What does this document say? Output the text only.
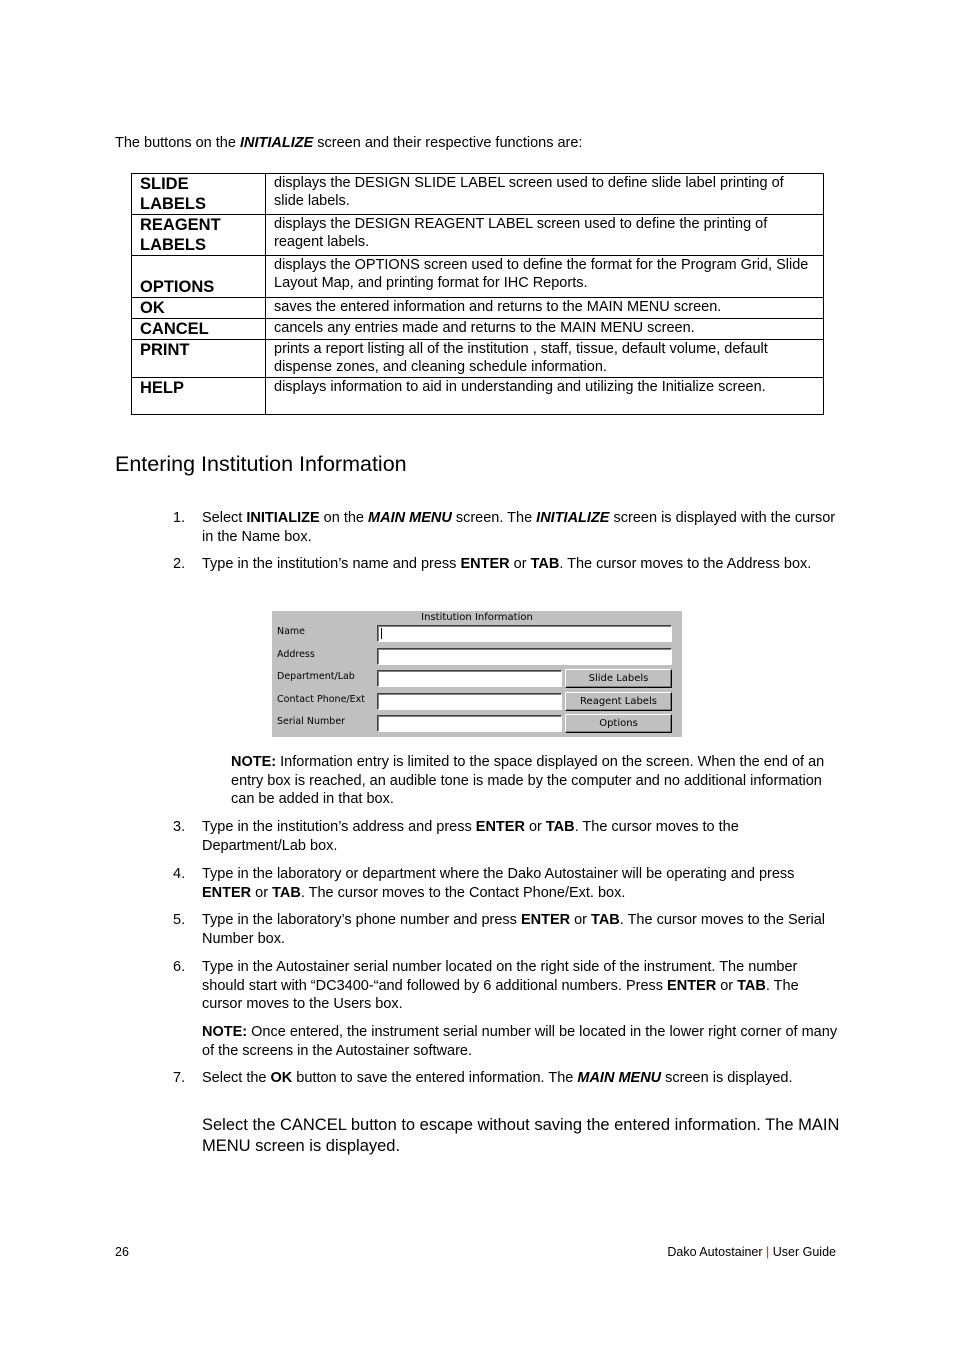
The buttons on the INITIALIZE screen and their respective functions are:
SLIDE LABELS	displays the DESIGN SLIDE LABEL screen used to define slide label printing of slide labels.
REAGENT LABELS	displays the DESIGN REAGENT LABEL screen used to define the printing of reagent labels.
OPTIONS	displays the OPTIONS screen used to define the format for the Program Grid, Slide Layout Map, and printing format for IHC Reports.
OK	saves the entered information and returns to the MAIN MENU screen.
CANCEL	cancels any entries made and returns to the MAIN MENU screen.
PRINT	prints a report listing all of the institution , staff, tissue, default volume, default dispense zones, and cleaning schedule information.
HELP	displays information to aid in understanding and utilizing the Initialize screen.
Entering Institution Information
1. Select INITIALIZE on the MAIN MENU screen. The INITIALIZE screen is displayed with the cursor in the Name box.
2. Type in the institution’s name and press ENTER or TAB. The cursor moves to the Address box.
Institution Information
Name
Address
Department/Lab	Slide Labels
Contact Phone/Ext	Reagent Labels
Serial Number	Options
NOTE: Information entry is limited to the space displayed on the screen. When the end of an entry box is reached, an audible tone is made by the computer and no additional information can be added in that box.
3. Type in the institution’s address and press ENTER or TAB. The cursor moves to the Department/Lab box.
4. Type in the laboratory or department where the Dako Autostainer will be operating and press ENTER or TAB. The cursor moves to the Contact Phone/Ext. box.
5. Type in the laboratory’s phone number and press ENTER or TAB. The cursor moves to the Serial Number box.
6. Type in the Autostainer serial number located on the right side of the instrument. The number should start with “DC3400-“and followed by 6 additional numbers. Press ENTER or TAB. The cursor moves to the Users box.
NOTE: Once entered, the instrument serial number will be located in the lower right corner of many of the screens in the Autostainer software.
7. Select the OK button to save the entered information. The MAIN MENU screen is displayed.
Select the CANCEL button to escape without saving the entered information. The MAIN MENU screen is displayed.
26	Dako Autostainer | User Guide
